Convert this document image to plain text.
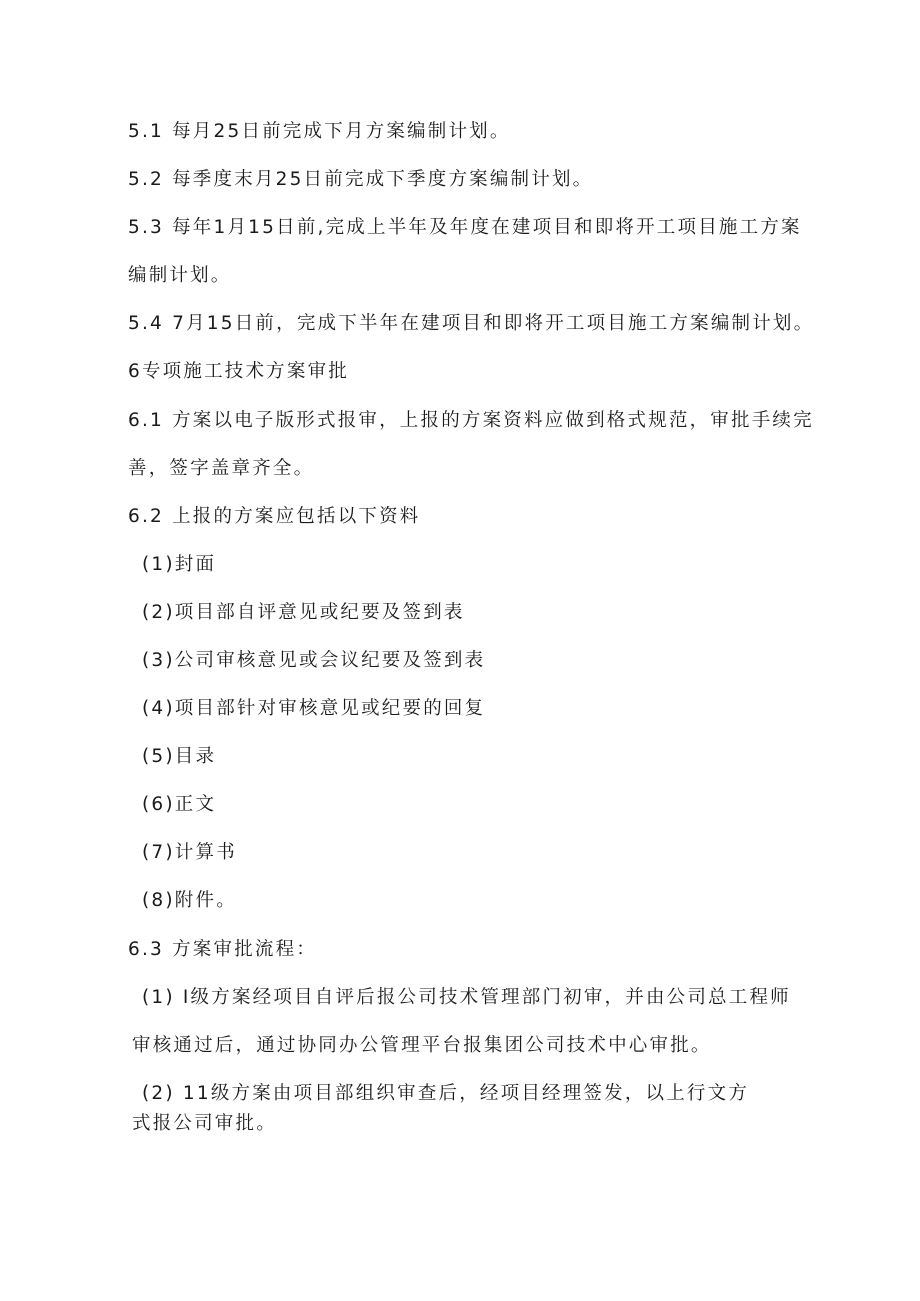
5.1 每月25日前完成下月方案编制计划。
5.2 每季度末月25日前完成下季度方案编制计划。
5.3 每年1月15日前,完成上半年及年度在建项目和即将开工项目施工方案
编制计划。
5.4 7月15日前，完成下半年在建项目和即将开工项目施工方案编制计划。
6专项施工技术方案审批
6.1 方案以电子版形式报审，上报的方案资料应做到格式规范，审批手续完
善，签字盖章齐全。
6.2 上报的方案应包括以下资料
(1)封面
(2)项目部自评意见或纪要及签到表
(3)公司审核意见或会议纪要及签到表
(4)项目部针对审核意见或纪要的回复
(5)目录
(6)正文
(7)计算书
(8)附件。
6.3 方案审批流程：
(1) I级方案经项目自评后报公司技术管理部门初审，并由公司总工程师
审核通过后，通过协同办公管理平台报集团公司技术中心审批。
(2) 11级方案由项目部组织审查后，经项目经理签发，以上行文方
式报公司审批。
